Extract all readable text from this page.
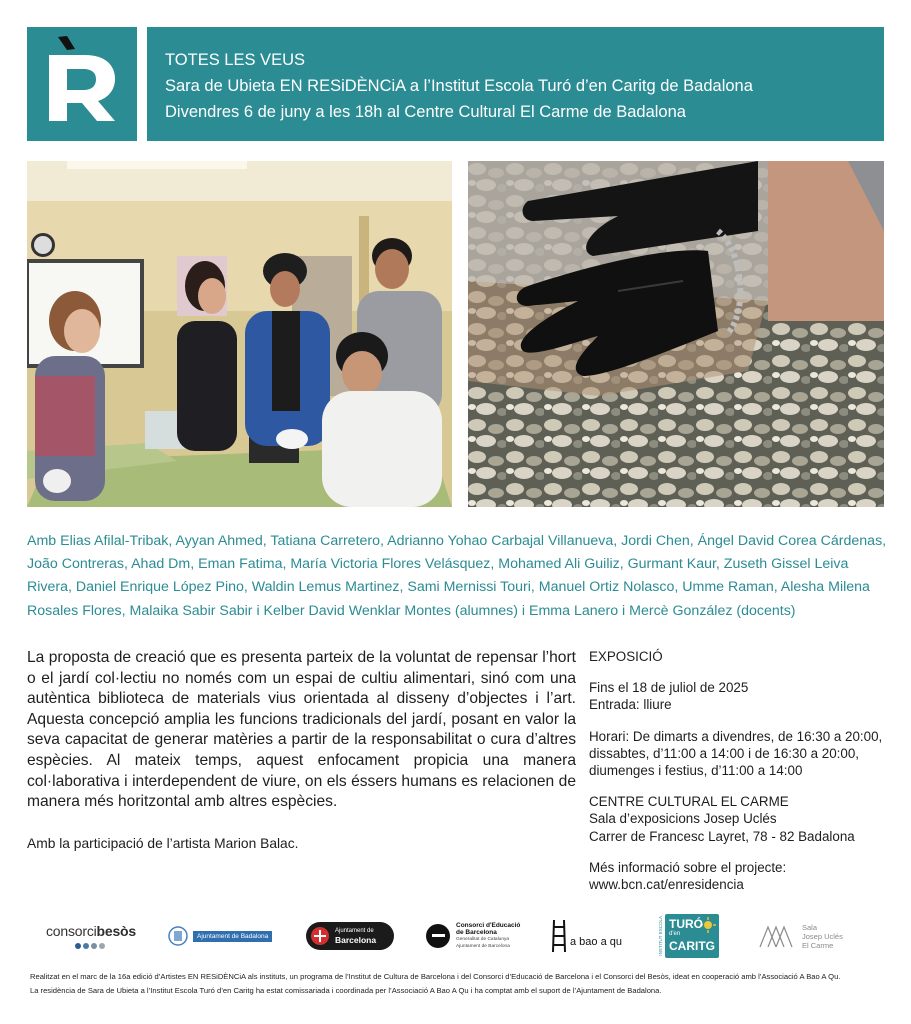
TOTES LES VEUS
Sara de Ubieta EN RESiDÈNCiA a l’Institut Escola Turó d’en Caritg de Badalona
Divendres 6 de juny a les 18h al Centre Cultural El Carme de Badalona
Amb Elias Afilal-Tribak, Ayyan Ahmed, Tatiana Carretero, Adrianno Yohao Carbajal Villanueva, Jordi Chen, Ángel David Corea Cárdenas, João Contreras, Ahad Dm, Eman Fatima, María Victoria Flores Velásquez, Mohamed Ali Guiliz, Gurmant Kaur, Zuseth Gissel Leiva Rivera, Daniel Enrique López Pino, Waldin Lemus Martinez, Sami Mernissi Touri, Manuel Ortiz Nolasco, Umme Raman, Alesha Milena Rosales Flores, Malaika Sabir Sabir i Kelber David Wenklar Montes (alumnes) i Emma Lanero i Mercè González (docents)
La proposta de creació que es presenta parteix de la voluntat de repensar l’hort o el jardí col·lectiu no només com un espai de cultiu alimentari, sinó com una autèntica biblioteca de materials vius orientada al disseny d’objectes i l’art. Aquesta concepció amplia les funcions tradicionals del jardí, posant en valor la seva capacitat de generar matèries a partir de la responsabilitat o cura d’altres espècies. Al mateix temps, aquest enfocament propicia una manera col·laborativa i interdependent de viure, on els éssers humans es relacionen de manera més horitzontal amb altres espècies.
Amb la participació de l’artista Marion Balac.
EXPOSICIÓ
Fins el 18 de juliol de 2025
Entrada: lliure
Horari: De dimarts a divendres, de 16:30 a 20:00,
dissabtes, d’11:00 a 14:00 i de 16:30 a 20:00,
diumenges i festius, d’11:00 a 14:00
CENTRE CULTURAL EL CARME
Sala d’exposicions Josep Uclés
Carrer de Francesc Layret, 78 - 82 Badalona
Més informació sobre el projecte:
www.bcn.cat/enresidencia
consorcibesòs	Ajuntament de Badalona
Ajuntament de
Barcelona
Consorci d'Educació
de Barcelona
Generalitat de Catalunya
Ajuntament de Barcelona	a bao a qu	INSTITUT ESCOLA TURÓ
d'en
CARITG
Sala
Josep Uclés
El Carme
Realitzat en el marc de la 16a edició d’Artistes EN RESiDÈNCiA als instituts, un programa de l’Institut de Cultura de Barcelona i del Consorci d’Educació de Barcelona i el Consorci del Besòs, ideat en cooperació amb l’Associació A Bao A Qu.
La residència de Sara de Ubieta a l’Institut Escola Turó d’en Caritg ha estat comissariada i coordinada per l’Associació A Bao A Qu i ha comptat amb el suport de l’Ajuntament de Badalona.
